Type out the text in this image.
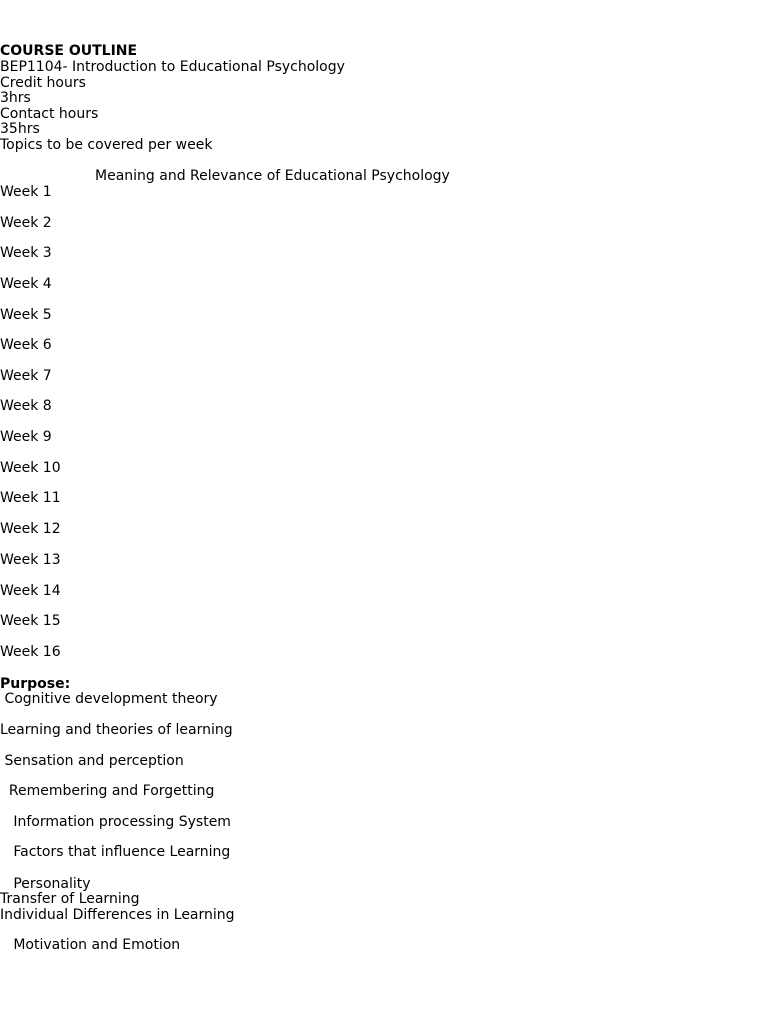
COURSE OUTLINE
BEP1104- Introduction to Educational Psychology
Credit hours
3hrs
Contact hours
35hrs
Topics to be covered per week
Meaning and Relevance of Educational Psychology
Week 1
Week 2
Week 3
Week 4
Week 5
Week 6
Week 7
Week 8
Week 9
Week 10
Week 11
Week 12
Week 13
Week 14
Week 15
Week 16
Purpose:
Cognitive development theory
Learning and theories of learning
Sensation and perception
Remembering and Forgetting
Information processing System
Factors that influence Learning
Personality
Transfer of Learning
Individual Differences in Learning
Motivation and Emotion
